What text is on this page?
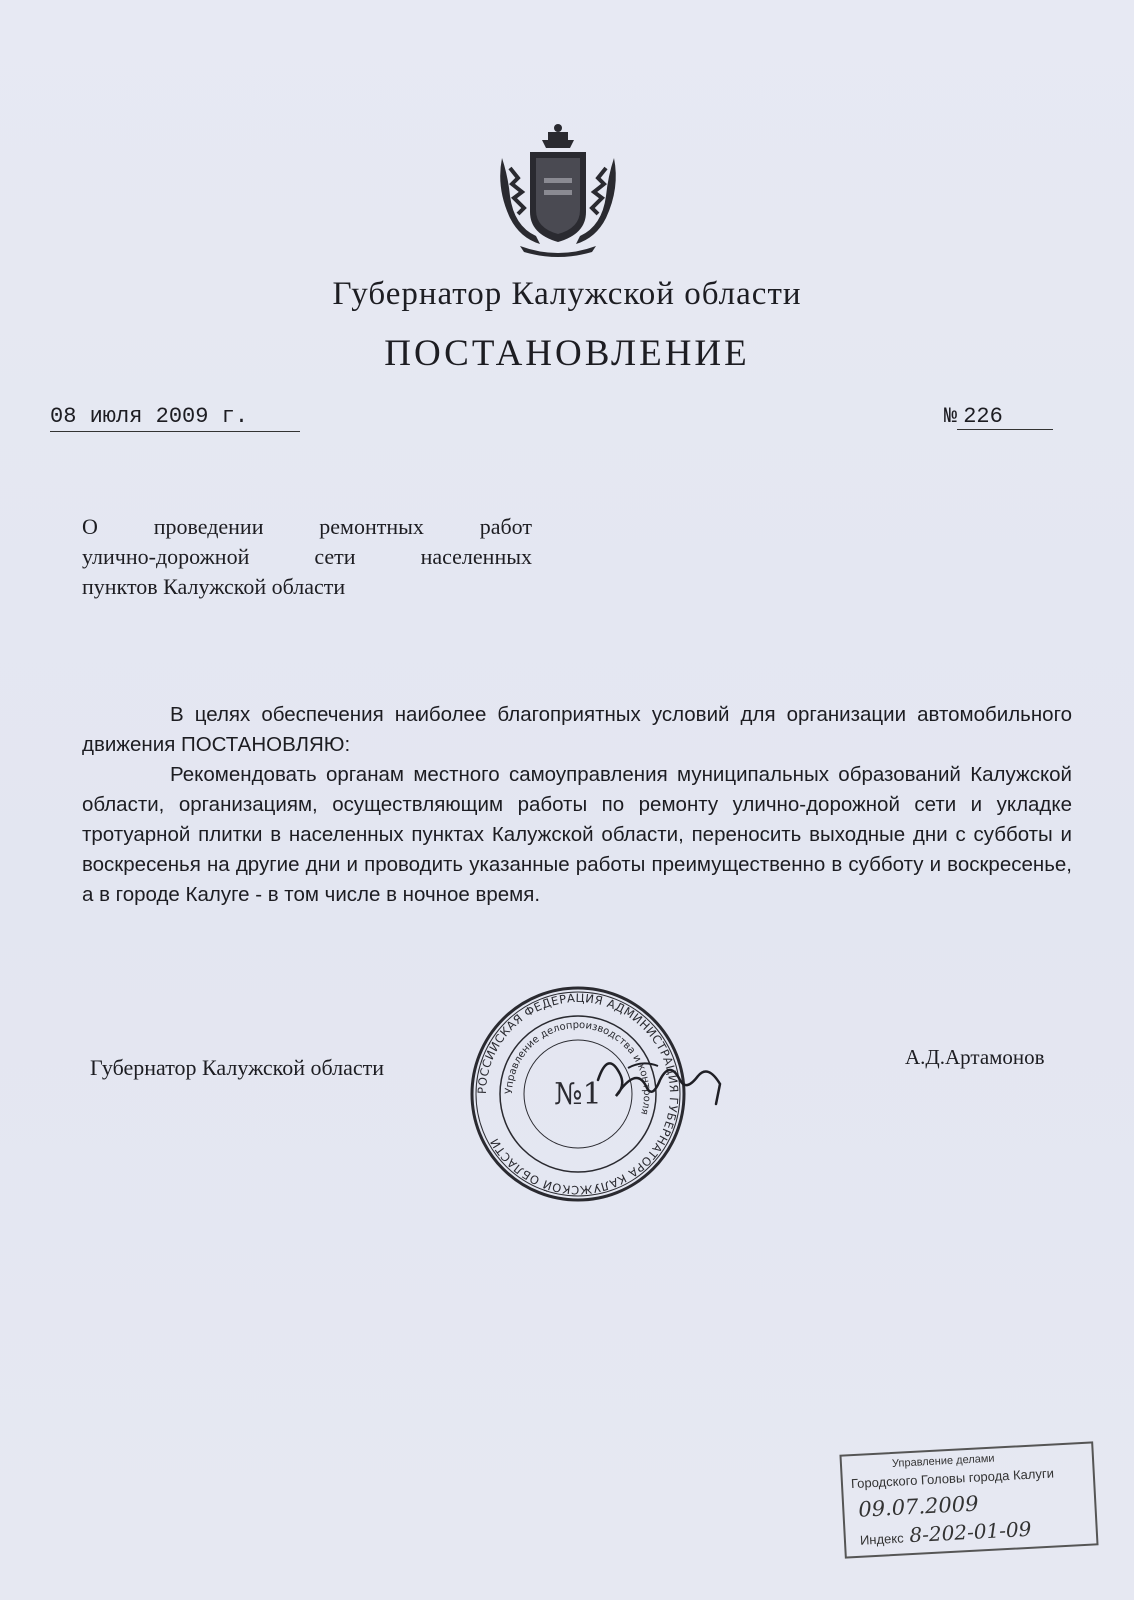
Губернатор Калужской области
ПОСТАНОВЛЕНИЕ
08 июля 2009 г.	№ 226
О проведении ремонтных работ
улично-дорожной сети населенных
пунктов Калужской области

В целях обеспечения наиболее благоприятных условий для организации автомобильного движения ПОСТАНОВЛЯЮ:

Рекомендовать органам местного самоуправления муниципальных образований Калужской области, организациям, осуществляющим работы по ремонту улично-дорожной сети и укладке тротуарной плитки в населенных пунктах Калужской области, переносить выходные дни с субботы и воскресенья на другие дни и проводить указанные работы преимущественно в субботу и воскресенье, а в городе Калуге - в том числе в ночное время.

Губернатор Калужской области	А.Д.Артамонов
РОССИЙСКАЯ ФЕДЕРАЦИЯ АДМИНИСТРАЦИЯ ГУБЕРНАТОРА КАЛУЖСКОЙ ОБЛАСТИ
Управление делопроизводства и контроля
№1
Управление делами
Городского Головы города Калуги
09.07.2009
Индекс 8-202-01-09
